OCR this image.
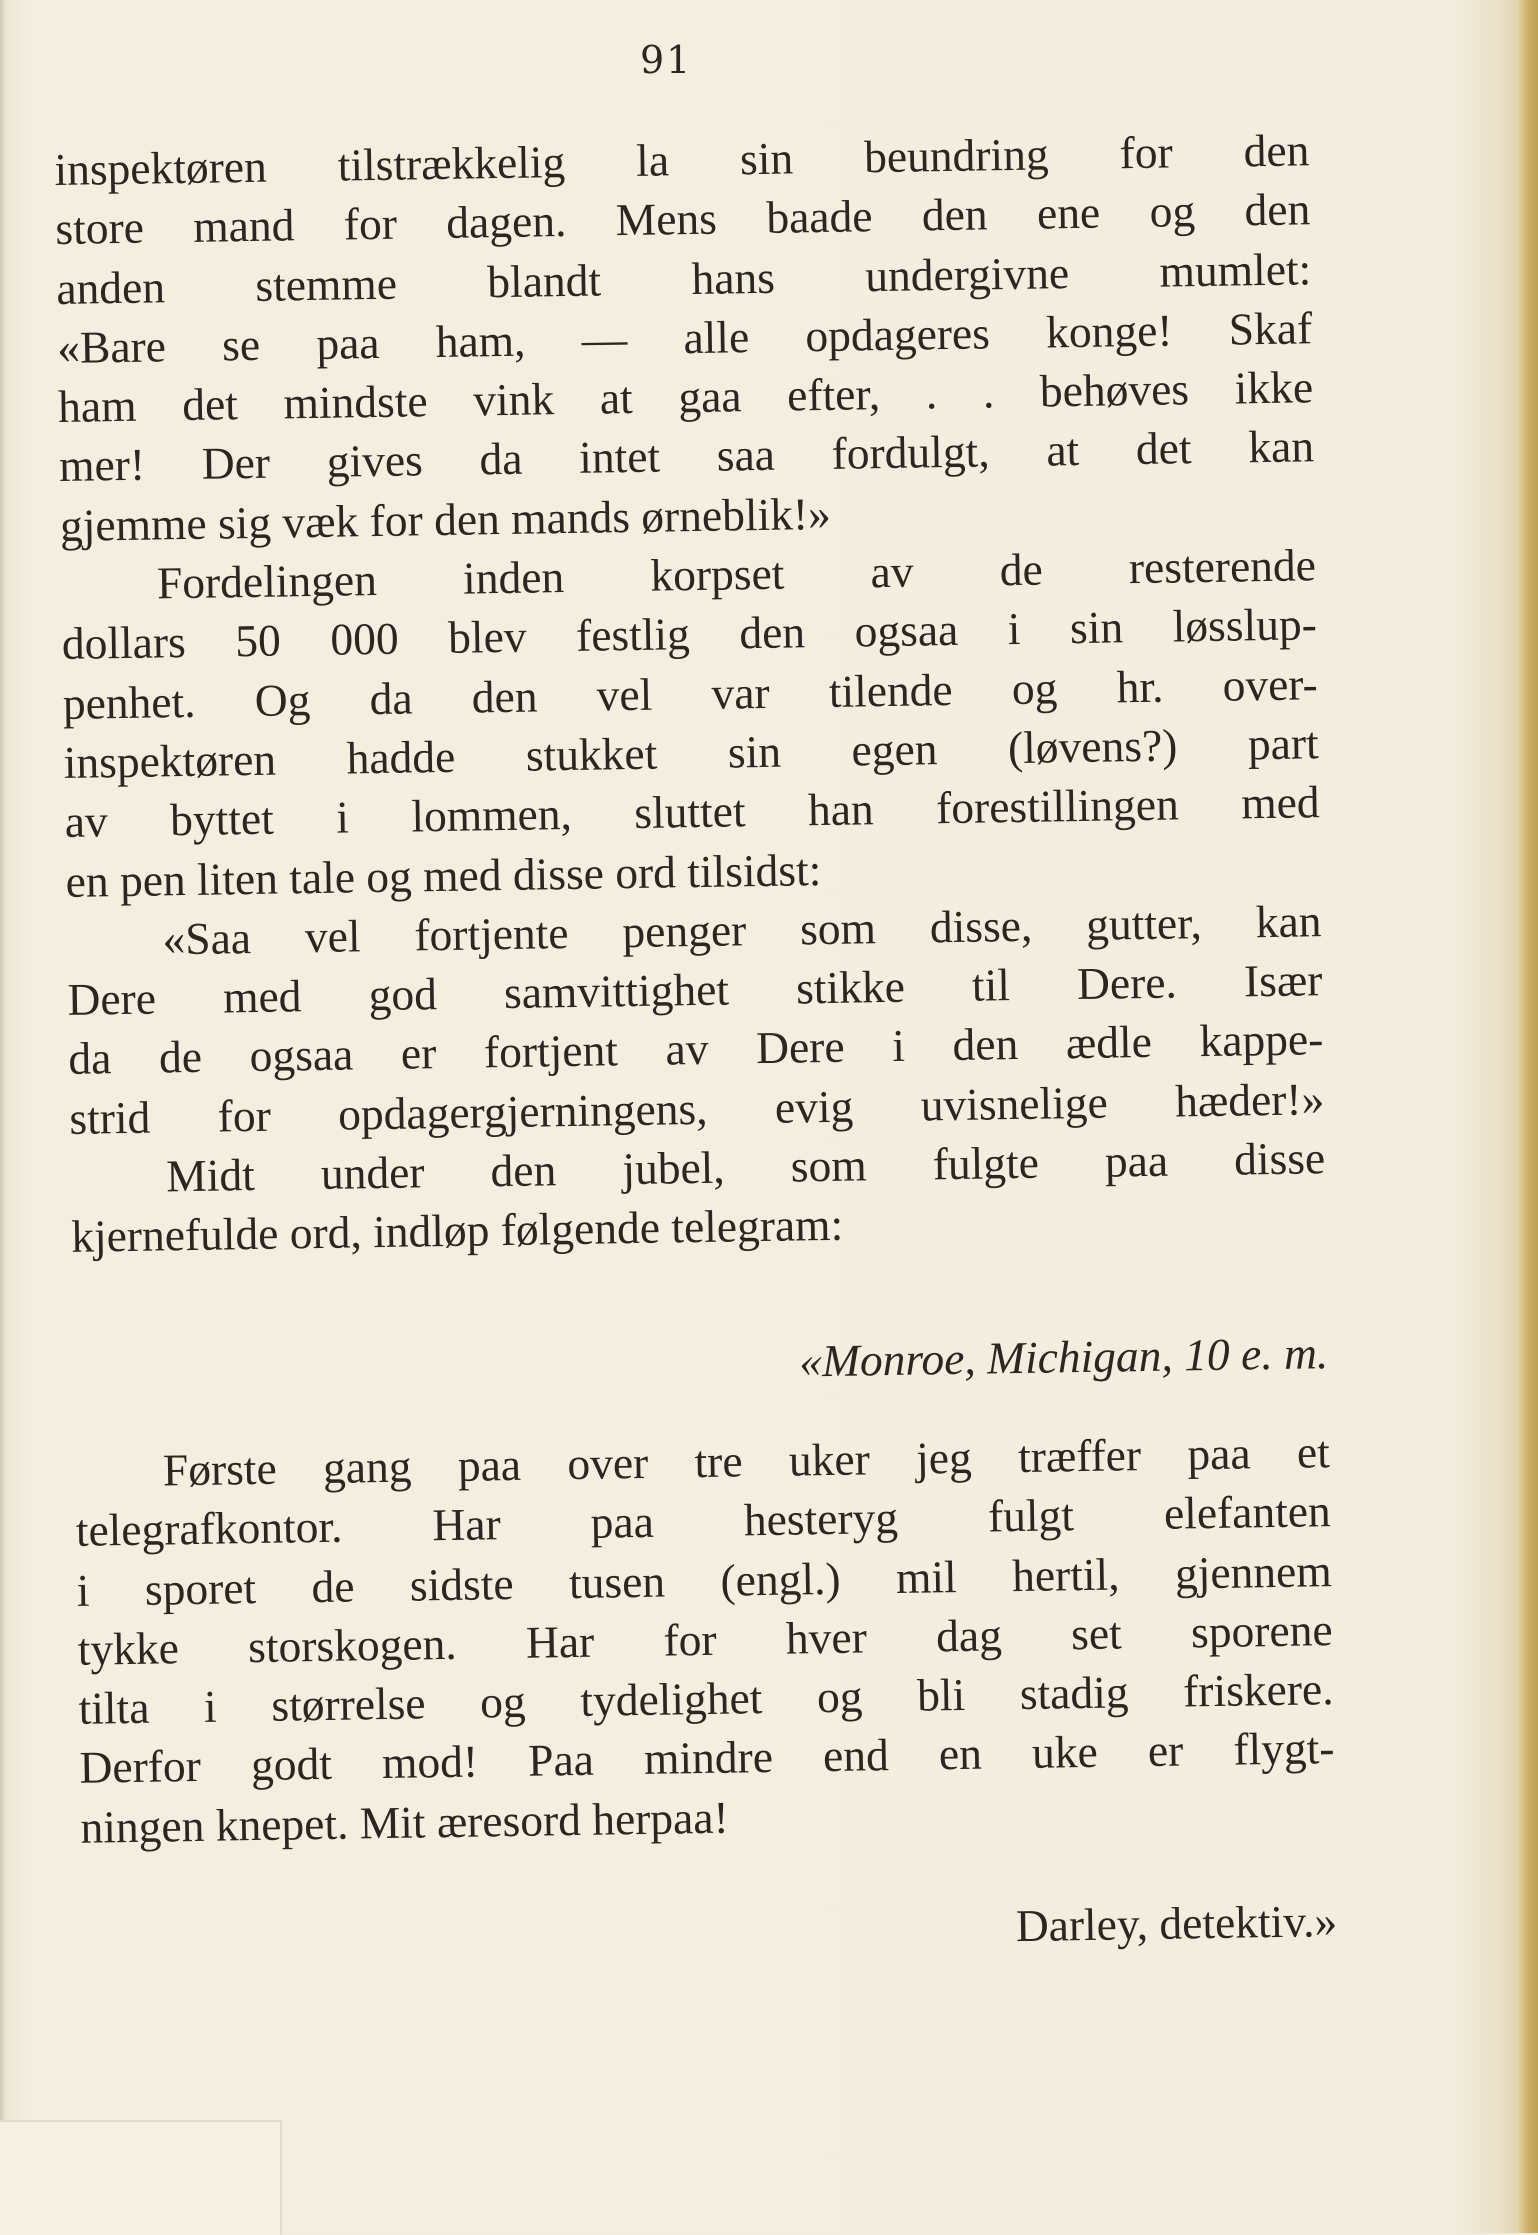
91
inspektøren tilstrækkelig la sin beundring for den
store mand for dagen. Mens baade den ene og den
anden stemme blandt hans undergivne mumlet:
«Bare se paa ham, — alle opdageres konge! Skaf
ham det mindste vink at gaa efter, . . behøves ikke
mer! Der gives da intet saa fordulgt, at det kan
gjemme sig væk for den mands ørneblik!»
Fordelingen inden korpset av de resterende
dollars 50 000 blev festlig den ogsaa i sin løsslup-
penhet. Og da den vel var tilende og hr. over-
inspektøren hadde stukket sin egen (løvens?) part
av byttet i lommen, sluttet han forestillingen med
en pen liten tale og med disse ord tilsidst:
«Saa vel fortjente penger som disse, gutter, kan
Dere med god samvittighet stikke til Dere. Især
da de ogsaa er fortjent av Dere i den ædle kappe-
strid for opdagergjerningens, evig uvisnelige hæder!»
Midt under den jubel, som fulgte paa disse
kjernefulde ord, indløp følgende telegram:
«Monroe, Michigan, 10 e. m.
Første gang paa over tre uker jeg træffer paa et
telegrafkontor. Har paa hesteryg fulgt elefanten
i sporet de sidste tusen (engl.) mil hertil, gjennem
tykke storskogen. Har for hver dag set sporene
tilta i størrelse og tydelighet og bli stadig friskere.
Derfor godt mod! Paa mindre end en uke er flygt-
ningen knepet. Mit æresord herpaa!
Darley, detektiv.»
